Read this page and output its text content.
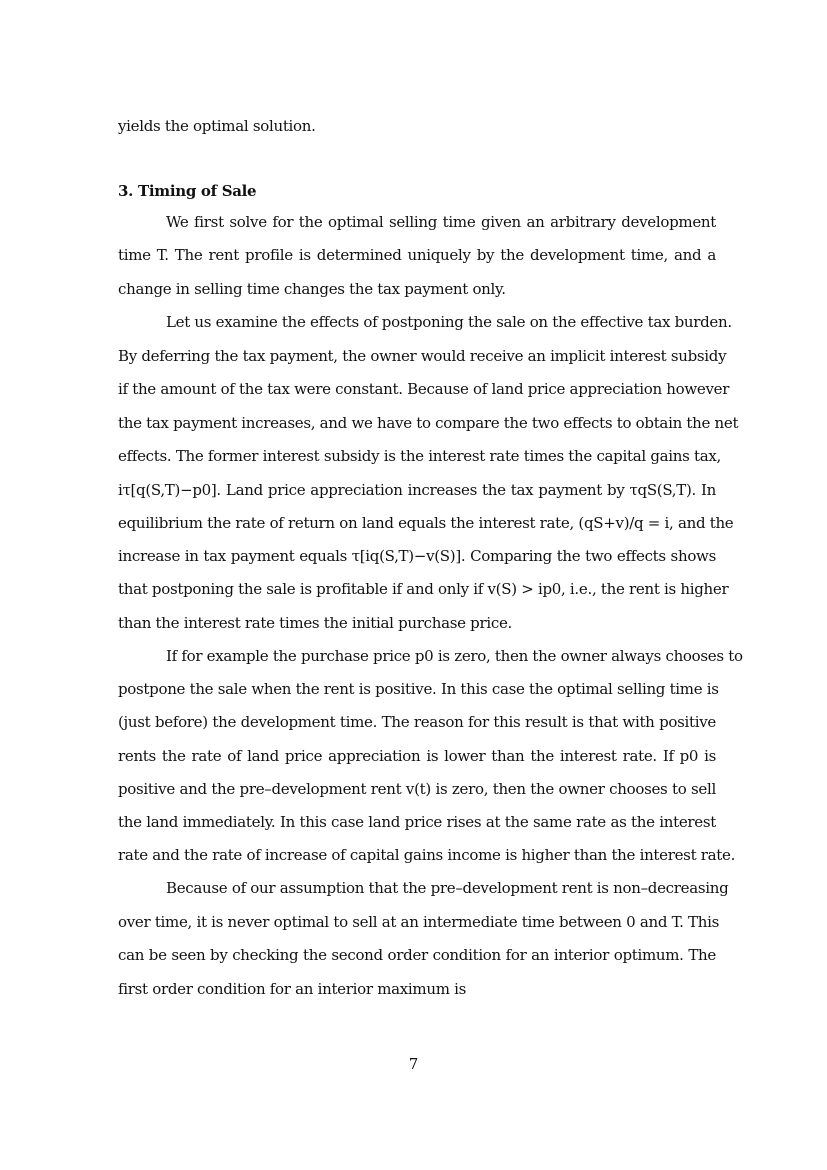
yields the optimal solution.
3. Timing of Sale
We first solve for the optimal selling time given an arbitrary development
time T. The rent profile is determined uniquely by the development time, and a
change in selling time changes the tax payment only.
Let us examine the effects of postponing the sale on the effective tax burden.
By deferring the tax payment, the owner would receive an implicit interest subsidy
if the amount of the tax were constant. Because of land price appreciation however
the tax payment increases, and we have to compare the two effects to obtain the net
effects. The former interest subsidy is the interest rate times the capital gains tax,
iτ[q(S,T)−p0]. Land price appreciation increases the tax payment by τqS(S,T). In
equilibrium the rate of return on land equals the interest rate, (qS+v)/q = i, and the
increase in tax payment equals τ[iq(S,T)−v(S)]. Comparing the two effects shows
that postponing the sale is profitable if and only if v(S) > ip0, i.e., the rent is higher
than the interest rate times the initial purchase price.
If for example the purchase price p0 is zero, then the owner always chooses to
postpone the sale when the rent is positive. In this case the optimal selling time is
(just before) the development time. The reason for this result is that with positive
rents the rate of land price appreciation is lower than the interest rate. If p0 is
positive and the pre–development rent v(t) is zero, then the owner chooses to sell
the land immediately. In this case land price rises at the same rate as the interest
rate and the rate of increase of capital gains income is higher than the interest rate.
Because of our assumption that the pre–development rent is non–decreasing
over time, it is never optimal to sell at an intermediate time between 0 and T. This
can be seen by checking the second order condition for an interior optimum. The
first order condition for an interior maximum is
7
